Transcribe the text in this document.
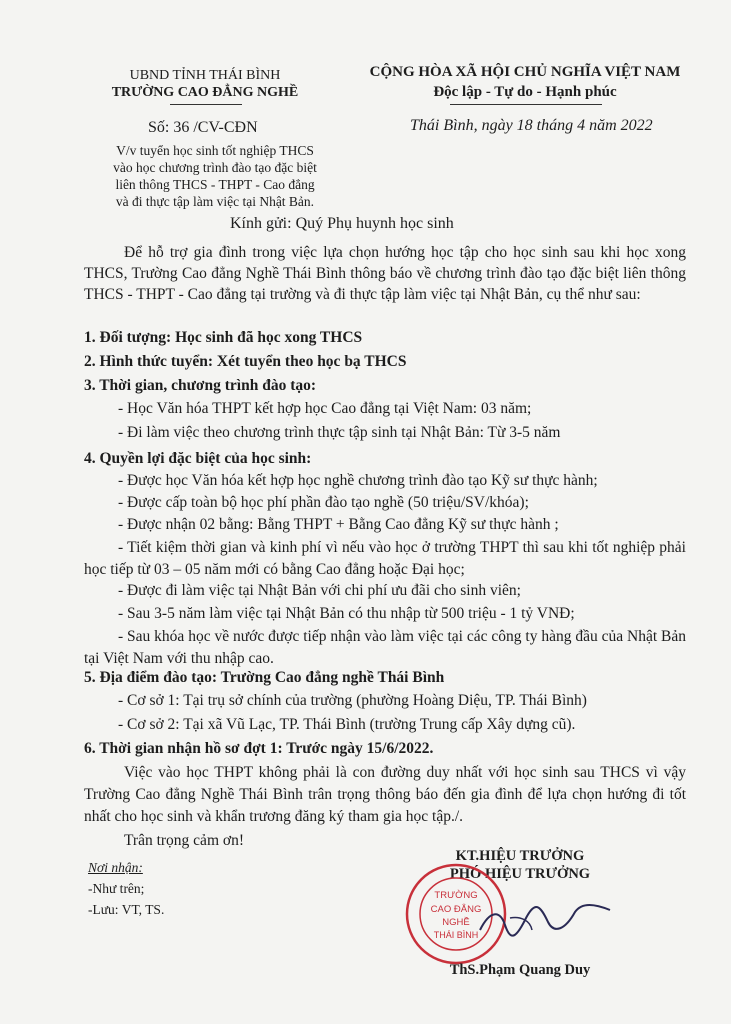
UBND TỈNH THÁI BÌNH
TRƯỜNG CAO ĐẲNG NGHỀ
CỘNG HÒA XÃ HỘI CHỦ NGHĨA VIỆT NAM
Độc lập - Tự do - Hạnh phúc
Số: 36 /CV-CĐN	Thái Bình, ngày 18 tháng 4 năm 2022
V/v tuyển học sinh tốt nghiệp THCS
vào học chương trình đào tạo đặc biệt
liên thông THCS - THPT - Cao đẳng
và đi thực tập làm việc tại Nhật Bản.
Kính gửi: Quý Phụ huynh học sinh
Để hỗ trợ gia đình trong việc lựa chọn hướng học tập cho học sinh sau khi học xong THCS, Trường Cao đẳng Nghề Thái Bình thông báo về chương trình đào tạo đặc biệt liên thông THCS - THPT - Cao đẳng tại trường và đi thực tập làm việc tại Nhật Bản, cụ thể như sau:
1. Đối tượng: Học sinh đã học xong THCS
2. Hình thức tuyển: Xét tuyển theo học bạ THCS
3. Thời gian, chương trình đào tạo:
- Học Văn hóa THPT kết hợp học Cao đẳng tại Việt Nam: 03 năm;
- Đi làm việc theo chương trình thực tập sinh tại Nhật Bản: Từ 3-5 năm
4. Quyền lợi đặc biệt của học sinh:
- Được học Văn hóa kết hợp học nghề chương trình đào tạo Kỹ sư thực hành;
- Được cấp toàn bộ học phí phần đào tạo nghề (50 triệu/SV/khóa);
- Được nhận 02 bằng: Bằng THPT + Bằng Cao đẳng Kỹ sư thực hành ;
- Tiết kiệm thời gian và kinh phí vì nếu vào học ở trường THPT thì sau khi tốt nghiệp phải học tiếp từ 03 – 05 năm mới có bằng Cao đẳng hoặc Đại học;
- Được đi làm việc tại Nhật Bản với chi phí ưu đãi cho sinh viên;
- Sau 3-5 năm làm việc tại Nhật Bản có thu nhập từ 500 triệu - 1 tỷ VNĐ;
- Sau khóa học về nước được tiếp nhận vào làm việc tại các công ty hàng đầu của Nhật Bản tại Việt Nam với thu nhập cao.
5. Địa điểm đào tạo: Trường Cao đẳng nghề Thái Bình
- Cơ sở 1: Tại trụ sở chính của trường (phường Hoàng Diệu, TP. Thái Bình)
- Cơ sở 2: Tại xã Vũ Lạc, TP. Thái Bình (trường Trung cấp Xây dựng cũ).
6. Thời gian nhận hồ sơ đợt 1: Trước ngày 15/6/2022.
Việc vào học THPT không phải là con đường duy nhất với học sinh sau THCS vì vậy Trường Cao đẳng Nghề Thái Bình trân trọng thông báo đến gia đình để lựa chọn hướng đi tốt nhất cho học sinh và khẩn trương đăng ký tham gia học tập./.
Trân trọng cảm ơn!
Nơi nhận:
-Như trên;
-Lưu: VT, TS.
KT.HIỆU TRƯỞNG
PHÓ HIỆU TRƯỞNG
TRƯỜNG
CAO ĐẲNG
NGHỀ
THÁI BÌNH
ThS.Phạm Quang Duy
